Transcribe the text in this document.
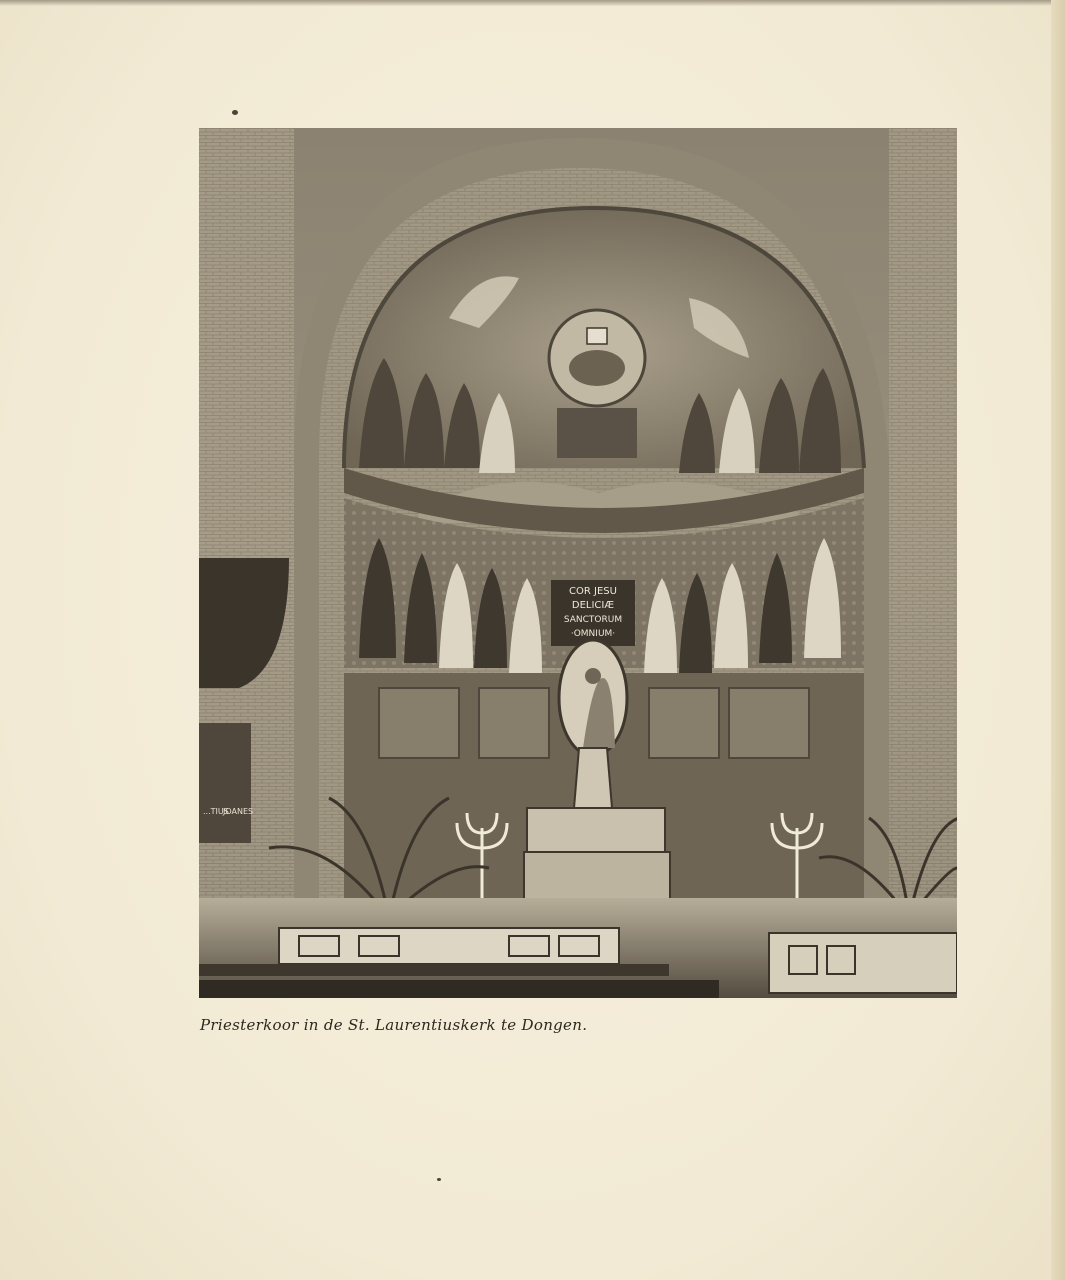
COR JESU
DELICIÆ
SANCTORUM
·OMNIUM·
...TIUS
JOANES
Priesterkoor in de St. Laurentiuskerk te Dongen.
